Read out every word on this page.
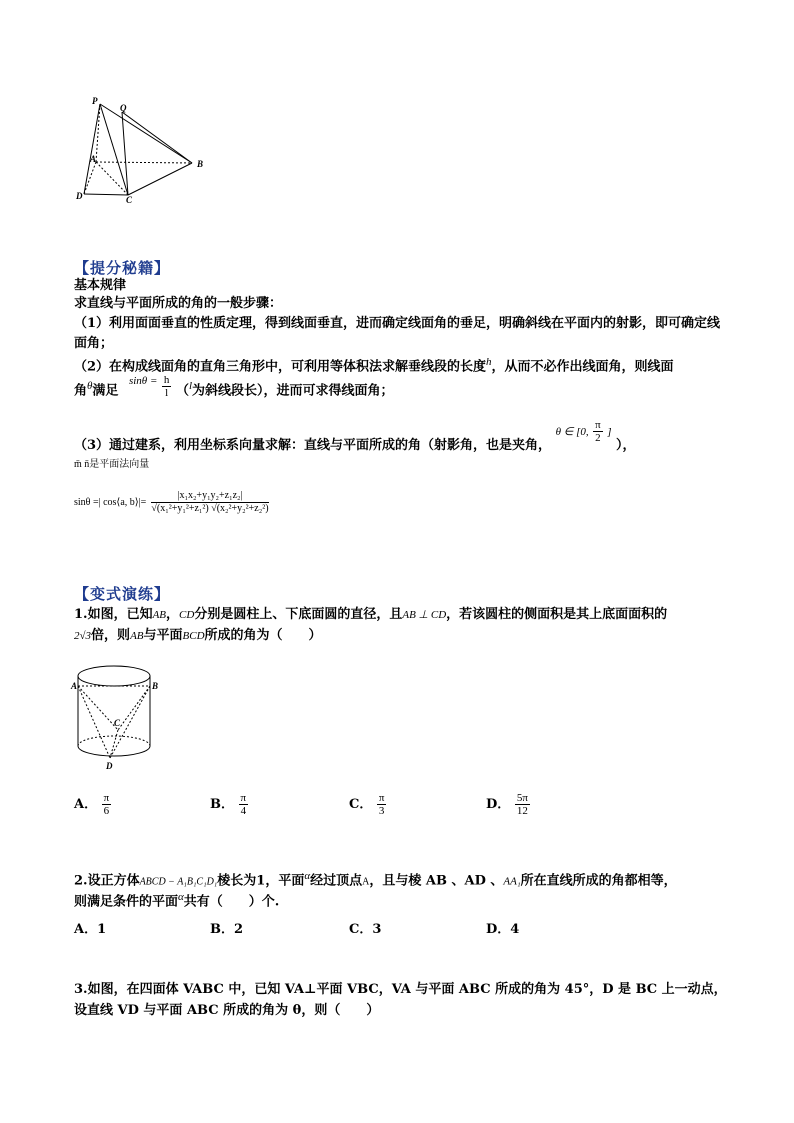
P
Q
A	B
D	C
【提分秘籍】
基本规律
求直线与平面所成的角的一般步骤：
（1）利用面面垂直的性质定理，得到线面垂直，进而确定线面角的垂足，明确斜线在平面内的射影，即可确定线面角；
（2）在构成线面角的直角三角形中，可利用等体积法求解垂线段的长度$^h$，从而不必作出线面角，则线面
角$^\theta$满足 $^{sin\theta =} \frac{h}{l} (^l$为斜线段长），进而可求得线面角；
（3）通过建系，利用坐标系向量求解：直线与平面所成的角（射影角，也是夹角， θ ∈ [0, $\frac{\pi}{2}$ ] ），
m̄ n̄是平面法向量
sinθ =| cos⟨a, b⟩|= $\frac{\text{|x₁x₂+y₁y₂+z₁z₂|}}{\text{√(x₁²+y₁²+z₁²) √(x₂²+y₂²+z₂²)}}$
【变式演练】
1.如图，已知AB，CD分别是圆柱上、下底面圆的直径，且AB ⊥ CD，若该圆柱的侧面积是其上底面面积的
2√3倍，则AB与平面BCD所成的角为（　　）
A	B
C
D
A． $\frac{\pi}{6}$	B． $\frac{\pi}{4}$	C． $\frac{\pi}{3}$	D． $\frac{5\pi}{12}$
2.设正方体ABCD − A₁B₁C₁D₁棱长为1，平面$^\alpha$经过顶点A，且与棱 AB 、AD 、AA₁所在直线所成的角都相等，
则满足条件的平面$^\alpha$共有（　　）个.
A．1	B．2	C．3	D．4
3.如图，在四面体 VABC 中，已知 VA⊥平面 VBC，VA 与平面 ABC 所成的角为 45°，D 是 BC 上一动点，
设直线 VD 与平面 ABC 所成的角为 θ，则（　　）
